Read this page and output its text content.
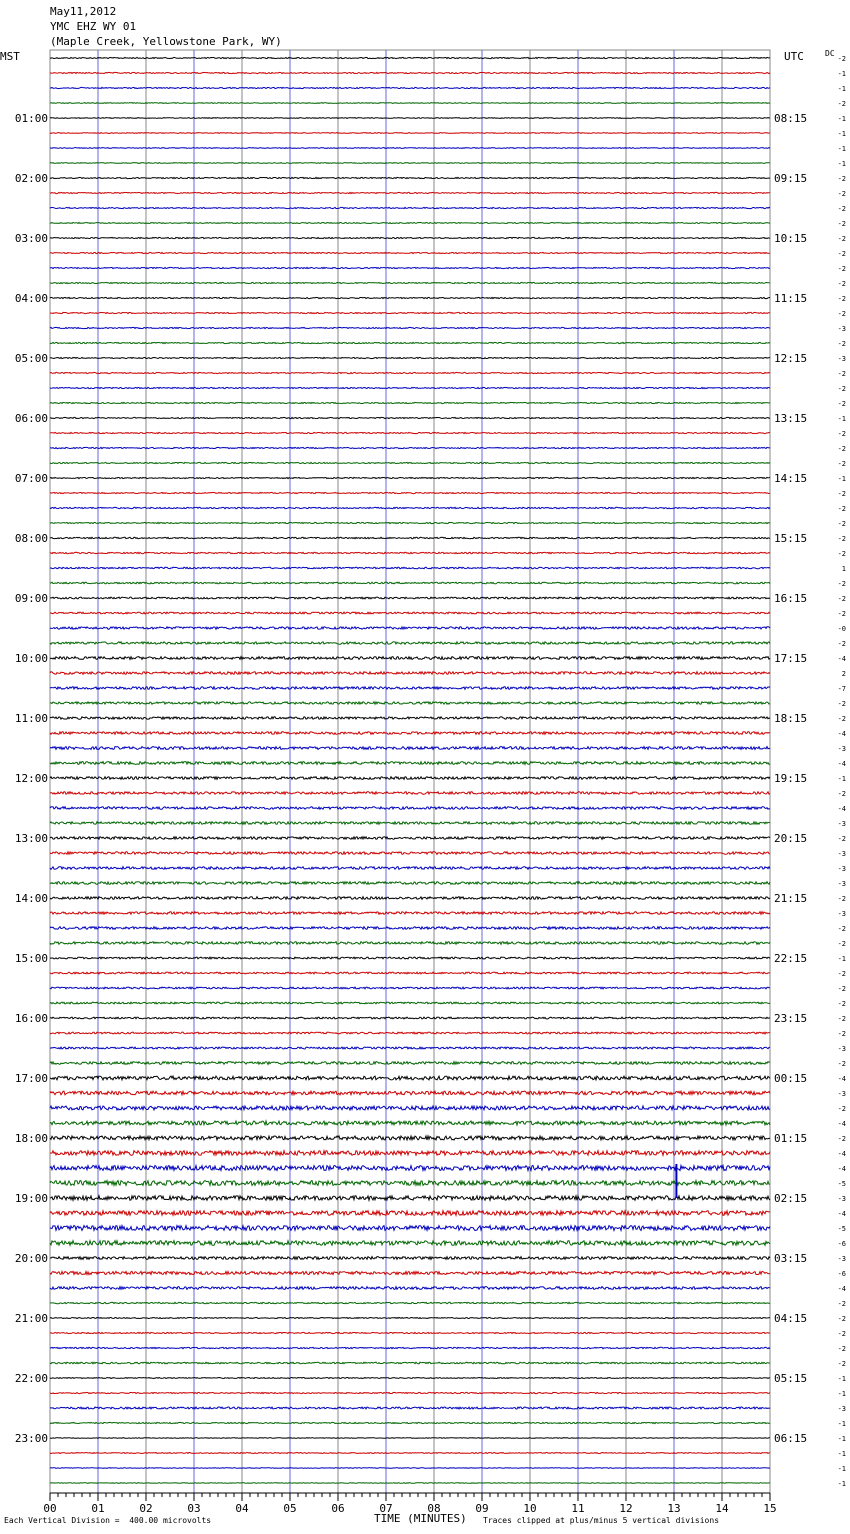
May11,2012
YMC EHZ WY 01
(Maple Creek, Yellowstone Park, WY)
MST	UTC	DC
-2
-1
-1
-2
-1
-1
-1
-1
-2
-2
-2
-2
-2
-2
-2
-2
-2
-2
-3
-2
-3
-2
-2
-2
-1
-2
-2
-2
-1
-2
-2
-2
-2
-2
1
-2
-2
-2
-0
-2
-4
2
-7
-2
-2
-4
-3
-4
-1
-2
-4
-3
-2
-3
-3
-3
-2
-3
-2
-2
-1
-2
-2
-2
-2
-2
-3
-2
-4
-3
-2
-4
-2
-4
-4
-5
-3
-4
-5
-6
-3
-6
-4
-2
-2
-2
-2
-2
-1
-1
-3
-1
-1
-1
-1
-1
01:00	08:15
02:00	09:15
03:00	10:15
04:00	11:15
05:00	12:15
06:00	13:15
07:00	14:15
08:00	15:15
09:00	16:15
10:00	17:15
11:00	18:15
12:00	19:15
13:00	20:15
14:00	21:15
15:00	22:15
16:00	23:15
17:00	00:15
18:00	01:15
19:00	02:15
20:00	03:15
21:00	04:15
22:00	05:15
23:00	06:15
00	01	02	03	04	05	06	07	08	09	10	11	12	13	14	15
Each Vertical Division =  400.00 microvolts	TIME (MINUTES) Traces clipped at plus/minus 5 vertical divisions
